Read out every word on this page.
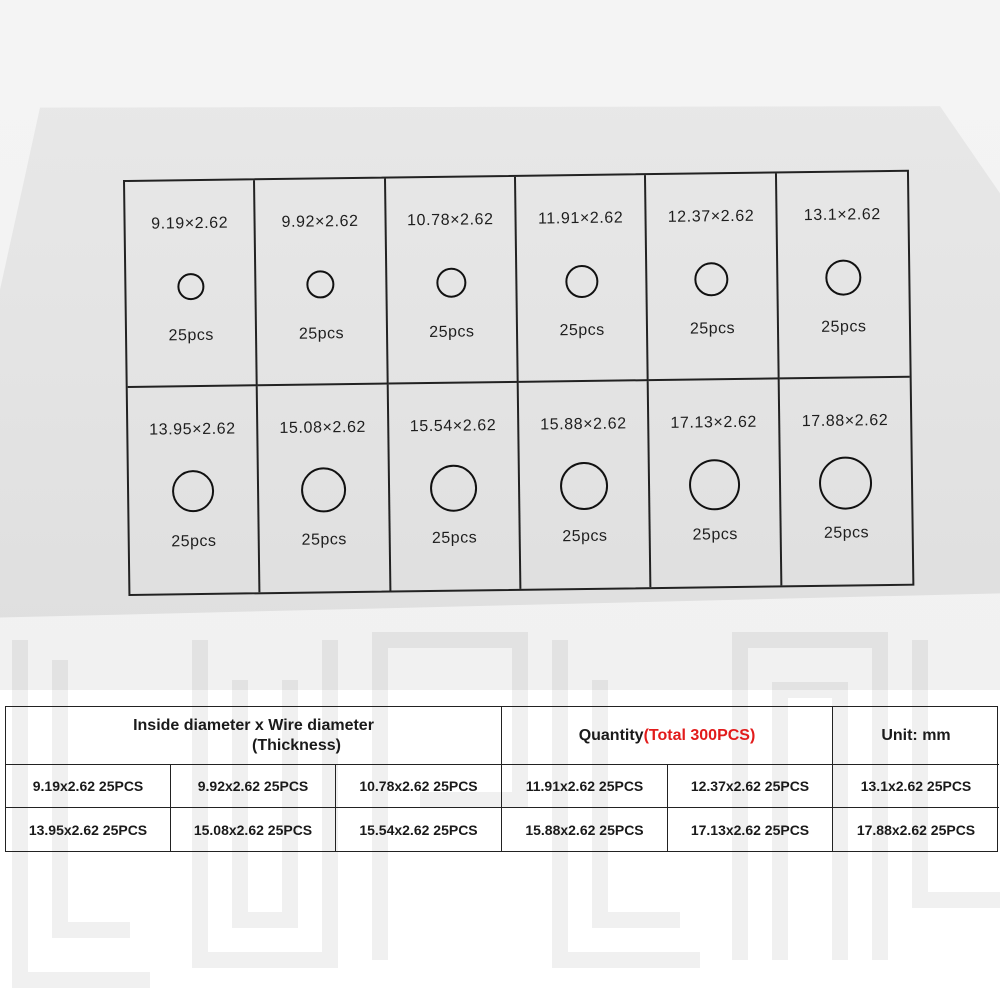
9.19×2.62
25pcs
9.92×2.62
25pcs
10.78×2.62
25pcs
11.91×2.62
25pcs
12.37×2.62
25pcs
13.1×2.62
25pcs
13.95×2.62
25pcs
15.08×2.62
25pcs
15.54×2.62
25pcs
15.88×2.62
25pcs
17.13×2.62
25pcs
17.88×2.62
25pcs
Inside diameter x Wire diameter
(Thickness)
Quantity (Total 300PCS)	Unit: mm
9.19x2.62 25PCS	9.92x2.62 25PCS	10.78x2.62 25PCS	11.91x2.62 25PCS	12.37x2.62 25PCS	13.1x2.62 25PCS
13.95x2.62 25PCS	15.08x2.62 25PCS	15.54x2.62 25PCS	15.88x2.62 25PCS	17.13x2.62 25PCS	17.88x2.62 25PCS
